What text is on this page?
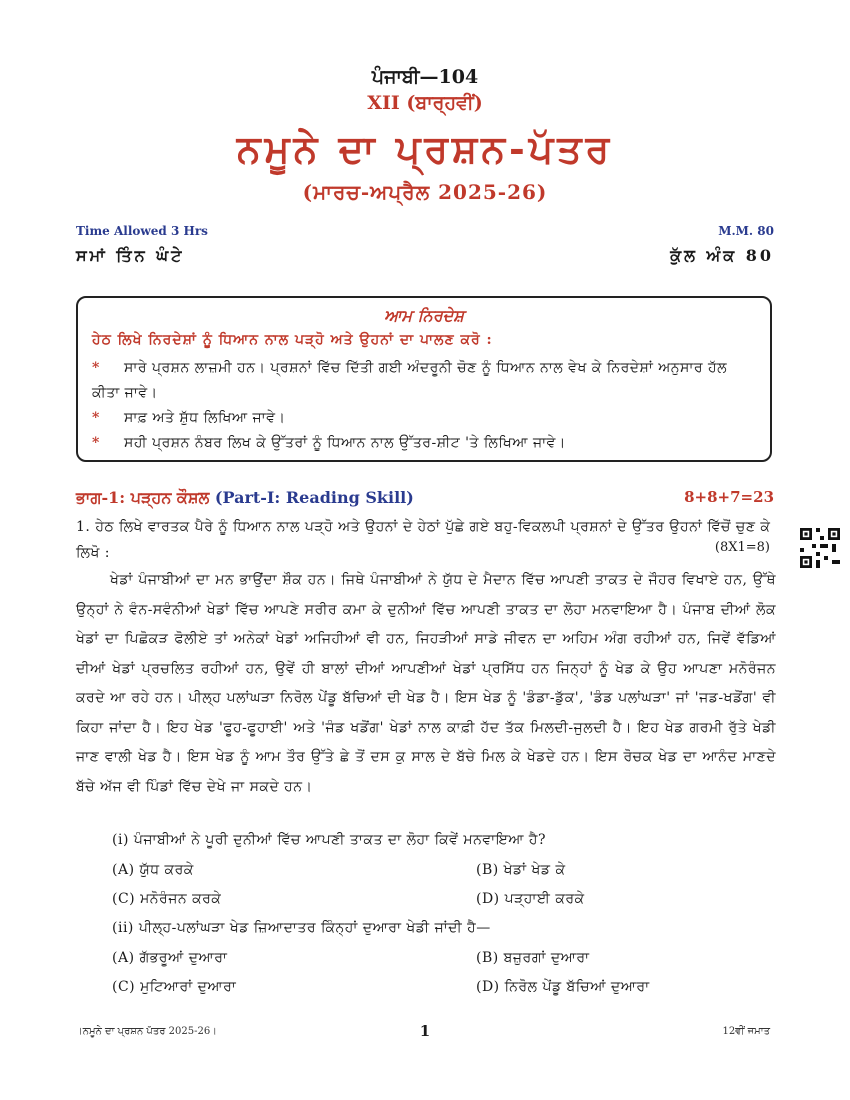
ਪੰਜਾਬੀ—104
XII (ਬਾਰ੍ਹਵੀਂ)
ਨਮੂਨੇ ਦਾ ਪ੍ਰਸ਼ਨ-ਪੱਤਰ
(ਮਾਰਚ-ਅਪ੍ਰੈਲ 2025-26)
Time Allowed 3 Hrs	M.M. 80
ਸਮਾਂ ਤਿੰਨ ਘੰਟੇ	ਕੁੱਲ ਅੰਕ 80
ਆਮ ਨਿਰਦੇਸ਼
ਹੇਠ ਲਿਖੇ ਨਿਰਦੇਸ਼ਾਂ ਨੂੰ ਧਿਆਨ ਨਾਲ ਪੜ੍ਹੋ ਅਤੇ ਉਹਨਾਂ ਦਾ ਪਾਲਣ ਕਰੋ :
* ਸਾਰੇ ਪ੍ਰਸ਼ਨ ਲਾਜ਼ਮੀ ਹਨ। ਪ੍ਰਸ਼ਨਾਂ ਵਿੱਚ ਦਿੱਤੀ ਗਈ ਅੰਦਰੂਨੀ ਚੋਣ ਨੂੰ ਧਿਆਨ ਨਾਲ ਵੇਖ ਕੇ ਨਿਰਦੇਸ਼ਾਂ ਅਨੁਸਾਰ ਹੱਲ ਕੀਤਾ ਜਾਵੇ।
* ਸਾਫ਼ ਅਤੇ ਸ਼ੁੱਧ ਲਿਖਿਆ ਜਾਵੇ।
* ਸਹੀ ਪ੍ਰਸ਼ਨ ਨੰਬਰ ਲਿਖ ਕੇ ਉੱਤਰਾਂ ਨੂੰ ਧਿਆਨ ਨਾਲ ਉੱਤਰ-ਸ਼ੀਟ 'ਤੇ ਲਿਖਿਆ ਜਾਵੇ।
ਭਾਗ-1: ਪੜ੍ਹਨ ਕੌਸ਼ਲ (Part-I: Reading Skill)	8+8+7=23
1. ਹੇਠ ਲਿਖੇ ਵਾਰਤਕ ਪੈਰੇ ਨੂੰ ਧਿਆਨ ਨਾਲ ਪੜ੍ਹੋ ਅਤੇ ਉਹਨਾਂ ਦੇ ਹੇਠਾਂ ਪੁੱਛੇ ਗਏ ਬਹੁ-ਵਿਕਲਪੀ ਪ੍ਰਸ਼ਨਾਂ ਦੇ ਉੱਤਰ ਉਹਨਾਂ ਵਿੱਚੋਂ ਚੁਣ ਕੇ ਲਿਖੋ :	(8X1=8)
ਖੇਡਾਂ ਪੰਜਾਬੀਆਂ ਦਾ ਮਨ ਭਾਉਂਦਾ ਸ਼ੌਕ ਹਨ। ਜਿਥੇ ਪੰਜਾਬੀਆਂ ਨੇ ਯੁੱਧ ਦੇ ਮੈਦਾਨ ਵਿੱਚ ਆਪਣੀ ਤਾਕਤ ਦੇ ਜੌਹਰ ਵਿਖਾਏ ਹਨ, ਉੱਥੇ ਉਨ੍ਹਾਂ ਨੇ ਵੰਨ-ਸਵੰਨੀਆਂ ਖੇਡਾਂ ਵਿੱਚ ਆਪਣੇ ਸਰੀਰ ਕਮਾ ਕੇ ਦੁਨੀਆਂ ਵਿੱਚ ਆਪਣੀ ਤਾਕਤ ਦਾ ਲੋਹਾ ਮਨਵਾਇਆ ਹੈ। ਪੰਜਾਬ ਦੀਆਂ ਲੋਕ ਖੇਡਾਂ ਦਾ ਪਿਛੋਕੜ ਫੋਲੀਏ ਤਾਂ ਅਨੇਕਾਂ ਖੇਡਾਂ ਅਜਿਹੀਆਂ ਵੀ ਹਨ, ਜਿਹੜੀਆਂ ਸਾਡੇ ਜੀਵਨ ਦਾ ਅਹਿਮ ਅੰਗ ਰਹੀਆਂ ਹਨ, ਜਿਵੇਂ ਵੱਡਿਆਂ ਦੀਆਂ ਖੇਡਾਂ ਪ੍ਰਚਲਿਤ ਰਹੀਆਂ ਹਨ, ਉਵੇਂ ਹੀ ਬਾਲਾਂ ਦੀਆਂ ਆਪਣੀਆਂ ਖੇਡਾਂ ਪ੍ਰਸਿੱਧ ਹਨ ਜਿਨ੍ਹਾਂ ਨੂੰ ਖੇਡ ਕੇ ਉਹ ਆਪਣਾ ਮਨੋਰੰਜਨ ਕਰਦੇ ਆ ਰਹੇ ਹਨ। ਪੀਲ੍ਹ ਪਲਾਂਘੜਾ ਨਿਰੋਲ ਪੇਂਡੂ ਬੱਚਿਆਂ ਦੀ ਖੇਡ ਹੈ। ਇਸ ਖੇਡ ਨੂੰ 'ਡੰਡਾ-ਡੁੱਕ', 'ਡੰਡ ਪਲਾਂਘੜਾ' ਜਾਂ 'ਜਡ-ਖਡੋਂਗ' ਵੀ ਕਿਹਾ ਜਾਂਦਾ ਹੈ। ਇਹ ਖੇਡ 'ਫੂਹ-ਫੂਹਾਈ' ਅਤੇ 'ਜੰਡ ਖਡੋਂਗ' ਖੇਡਾਂ ਨਾਲ ਕਾਫ਼ੀ ਹੱਦ ਤੱਕ ਮਿਲਦੀ-ਜੁਲਦੀ ਹੈ। ਇਹ ਖੇਡ ਗਰਮੀ ਰੁੱਤੇ ਖੇਡੀ ਜਾਣ ਵਾਲੀ ਖੇਡ ਹੈ। ਇਸ ਖੇਡ ਨੂੰ ਆਮ ਤੌਰ ਉੱਤੇ ਛੇ ਤੋਂ ਦਸ ਕੁ ਸਾਲ ਦੇ ਬੱਚੇ ਮਿਲ ਕੇ ਖੇਡਦੇ ਹਨ। ਇਸ ਰੋਚਕ ਖੇਡ ਦਾ ਆਨੰਦ ਮਾਣਦੇ ਬੱਚੇ ਅੱਜ ਵੀ ਪਿੰਡਾਂ ਵਿੱਚ ਦੇਖੇ ਜਾ ਸਕਦੇ ਹਨ।
(i) ਪੰਜਾਬੀਆਂ ਨੇ ਪੂਰੀ ਦੁਨੀਆਂ ਵਿੱਚ ਆਪਣੀ ਤਾਕਤ ਦਾ ਲੋਹਾ ਕਿਵੇਂ ਮਨਵਾਇਆ ਹੈ?
(A) ਯੁੱਧ ਕਰਕੇ	(B) ਖੇਡਾਂ ਖੇਡ ਕੇ
(C) ਮਨੋਰੰਜਨ ਕਰਕੇ	(D) ਪੜ੍ਹਾਈ ਕਰਕੇ
(ii) ਪੀਲ੍ਹ-ਪਲਾਂਘੜਾ ਖੇਡ ਜ਼ਿਆਦਾਤਰ ਕਿੰਨ੍ਹਾਂ ਦੁਆਰਾ ਖੇਡੀ ਜਾਂਦੀ ਹੈ—
(A) ਗੱਭਰੂਆਂ ਦੁਆਰਾ	(B) ਬਜ਼ੁਰਗਾਂ ਦੁਆਰਾ
(C) ਮੁਟਿਆਰਾਂ ਦੁਆਰਾ	(D) ਨਿਰੋਲ ਪੇਂਡੂ ਬੱਚਿਆਂ ਦੁਆਰਾ
।ਨਮੂਨੇ ਦਾ ਪ੍ਰਸ਼ਨ ਪੱਤਰ 2025-26।	1	12ਵੀਂ ਜਮਾਤ
